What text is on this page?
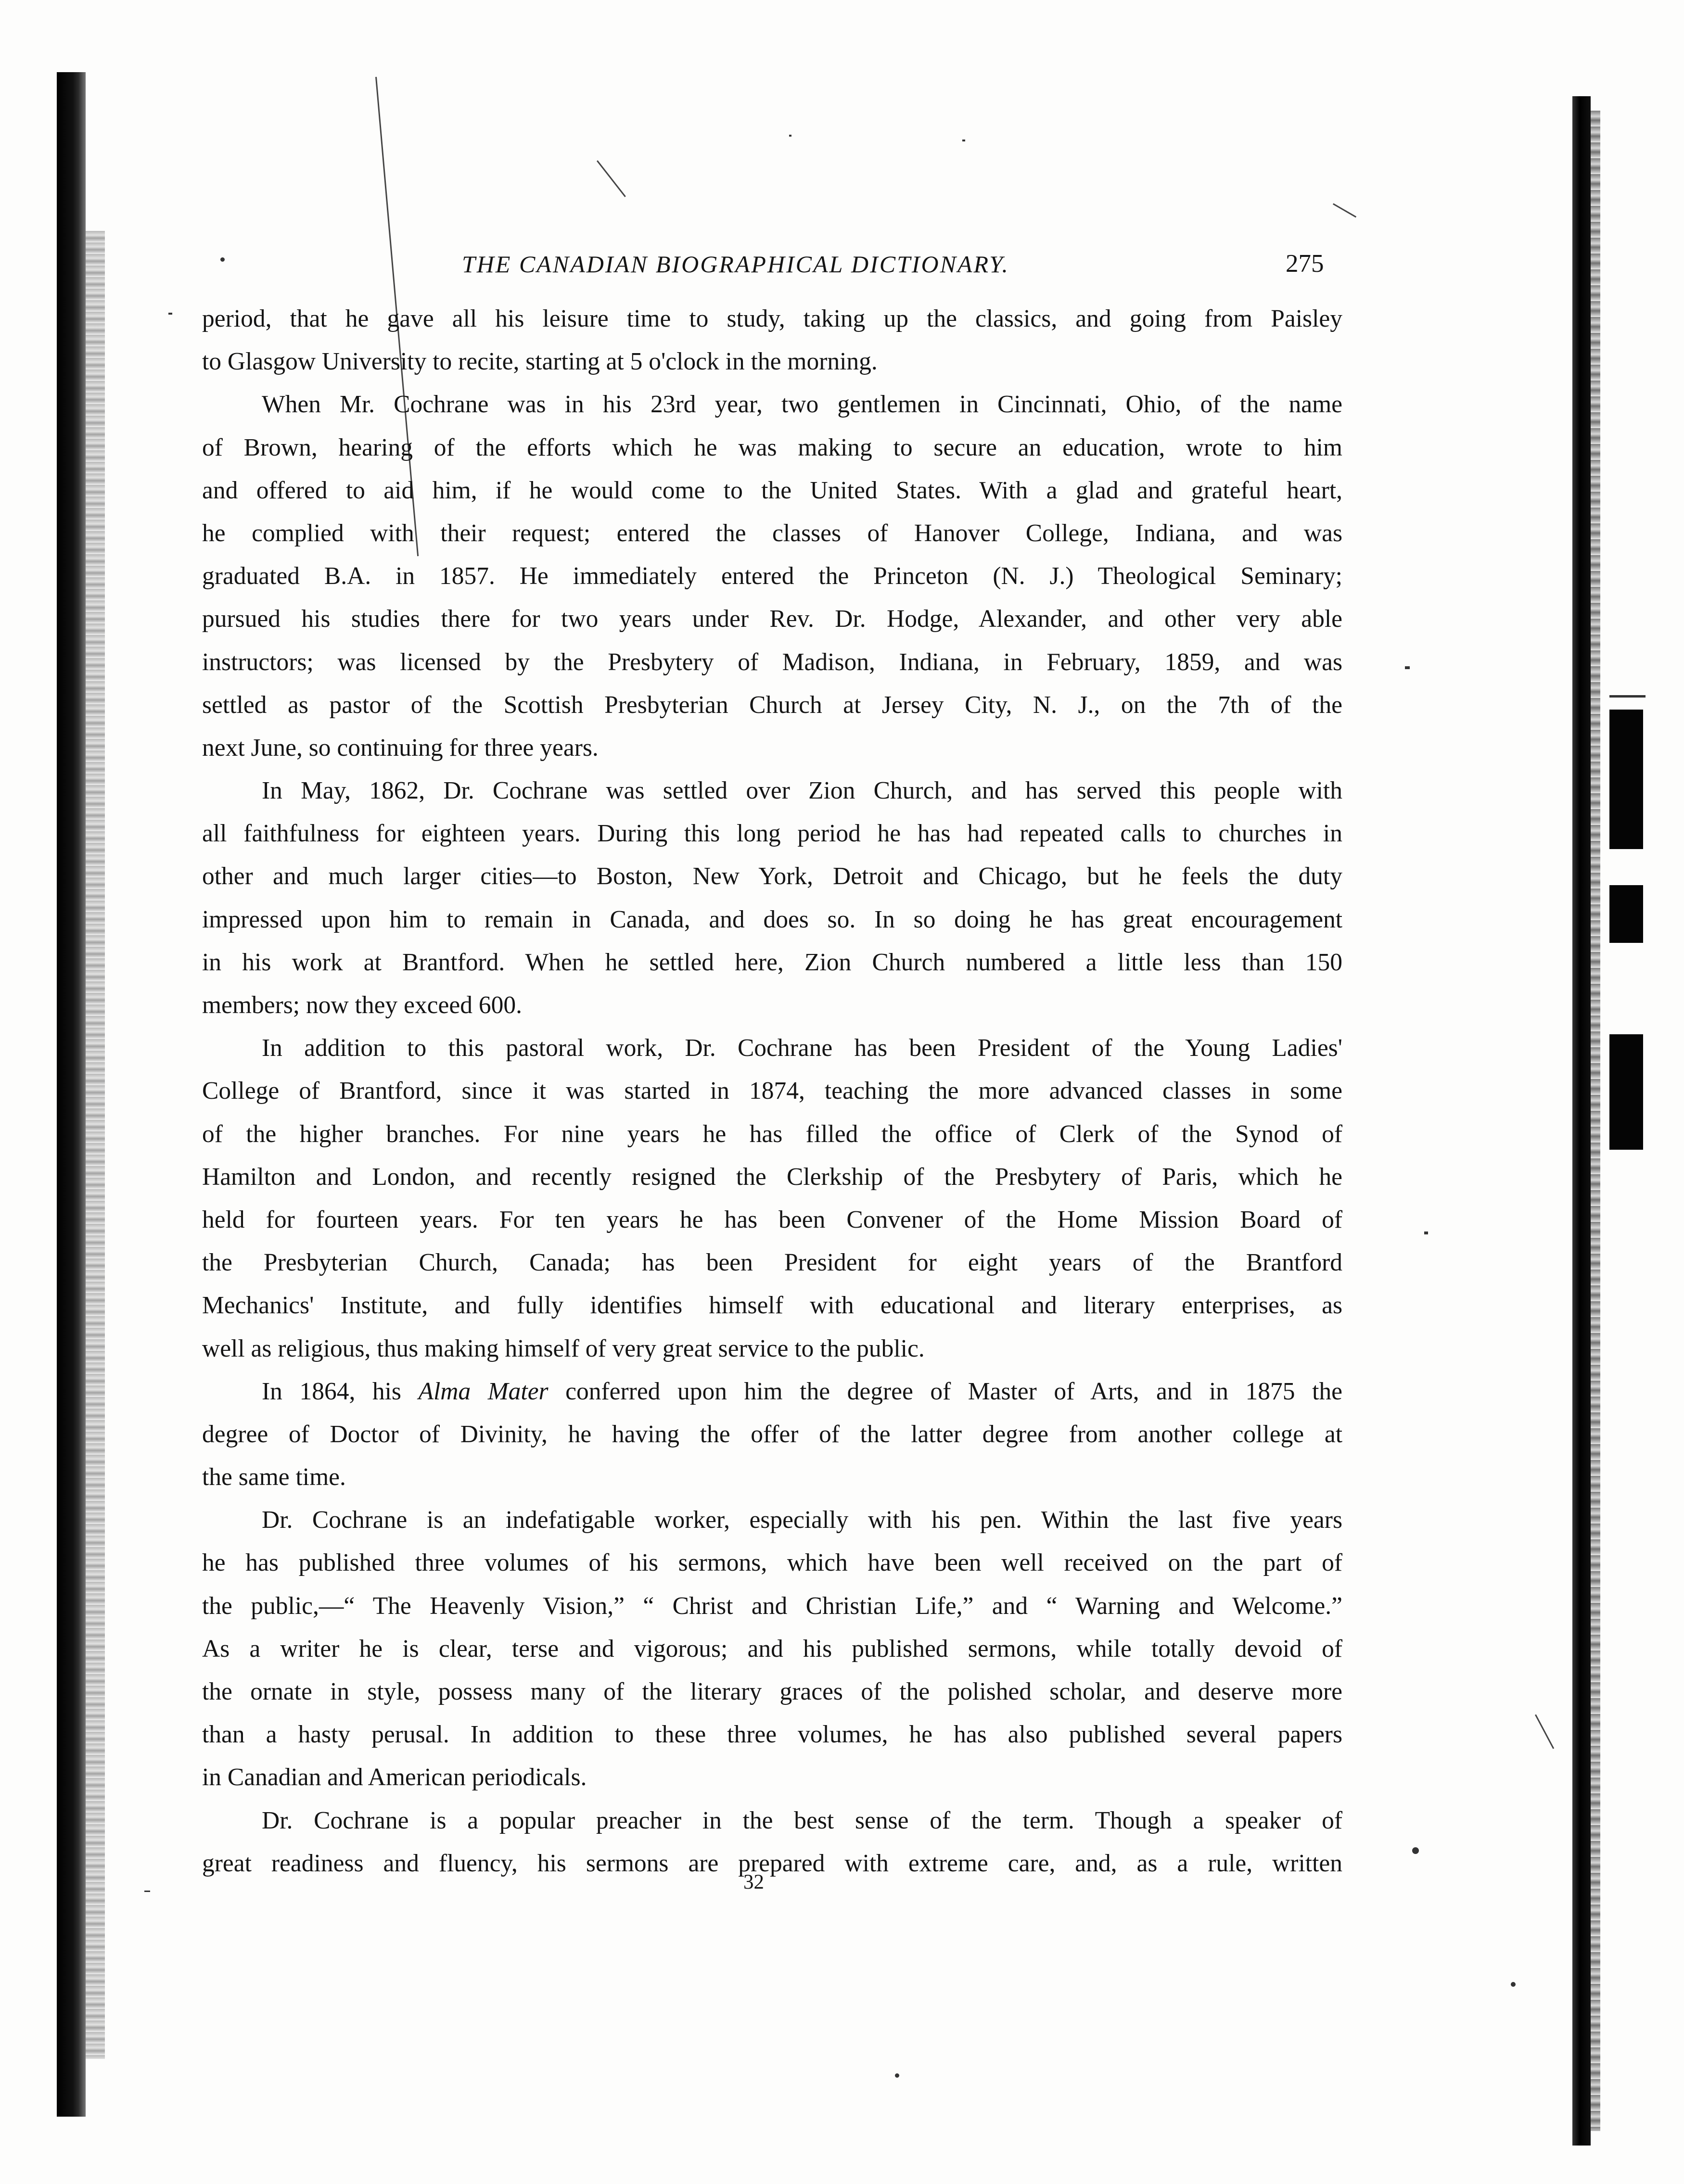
THE CANADIAN BIOGRAPHICAL DICTIONARY.	275
period, that he gave all his leisure time to study, taking up the classics, and going from Paisley
to Glasgow University to recite, starting at 5 o'clock in the morning.
When Mr. Cochrane was in his 23rd year, two gentlemen in Cincinnati, Ohio, of the name
of Brown, hearing of the efforts which he was making to secure an education, wrote to him
and offered to aid him, if he would come to the United States. With a glad and grateful heart,
he complied with their request; entered the classes of Hanover College, Indiana, and was
graduated B.A. in 1857. He immediately entered the Princeton (N. J.) Theological Seminary;
pursued his studies there for two years under Rev. Dr. Hodge, Alexander, and other very able
instructors; was licensed by the Presbytery of Madison, Indiana, in February, 1859, and was
settled as pastor of the Scottish Presbyterian Church at Jersey City, N. J., on the 7th of the
next June, so continuing for three years.
In May, 1862, Dr. Cochrane was settled over Zion Church, and has served this people with
all faithfulness for eighteen years. During this long period he has had repeated calls to churches in
other and much larger cities—to Boston, New York, Detroit and Chicago, but he feels the duty
impressed upon him to remain in Canada, and does so. In so doing he has great encouragement
in his work at Brantford. When he settled here, Zion Church numbered a little less than 150
members; now they exceed 600.
In addition to this pastoral work, Dr. Cochrane has been President of the Young Ladies'
College of Brantford, since it was started in 1874, teaching the more advanced classes in some
of the higher branches. For nine years he has filled the office of Clerk of the Synod of
Hamilton and London, and recently resigned the Clerkship of the Presbytery of Paris, which he
held for fourteen years. For ten years he has been Convener of the Home Mission Board of
the Presbyterian Church, Canada; has been President for eight years of the Brantford
Mechanics' Institute, and fully identifies himself with educational and literary enterprises, as
well as religious, thus making himself of very great service to the public.
In 1864, his Alma Mater conferred upon him the degree of Master of Arts, and in 1875 the
degree of Doctor of Divinity, he having the offer of the latter degree from another college at
the same time.
Dr. Cochrane is an indefatigable worker, especially with his pen. Within the last five years
he has published three volumes of his sermons, which have been well received on the part of
the public,—“ The Heavenly Vision,” “ Christ and Christian Life,” and “ Warning and Welcome.”
As a writer he is clear, terse and vigorous; and his published sermons, while totally devoid of
the ornate in style, possess many of the literary graces of the polished scholar, and deserve more
than a hasty perusal. In addition to these three volumes, he has also published several papers
in Canadian and American periodicals.
Dr. Cochrane is a popular preacher in the best sense of the term. Though a speaker of
great readiness and fluency, his sermons are prepared with extreme care, and, as a rule, written
32
